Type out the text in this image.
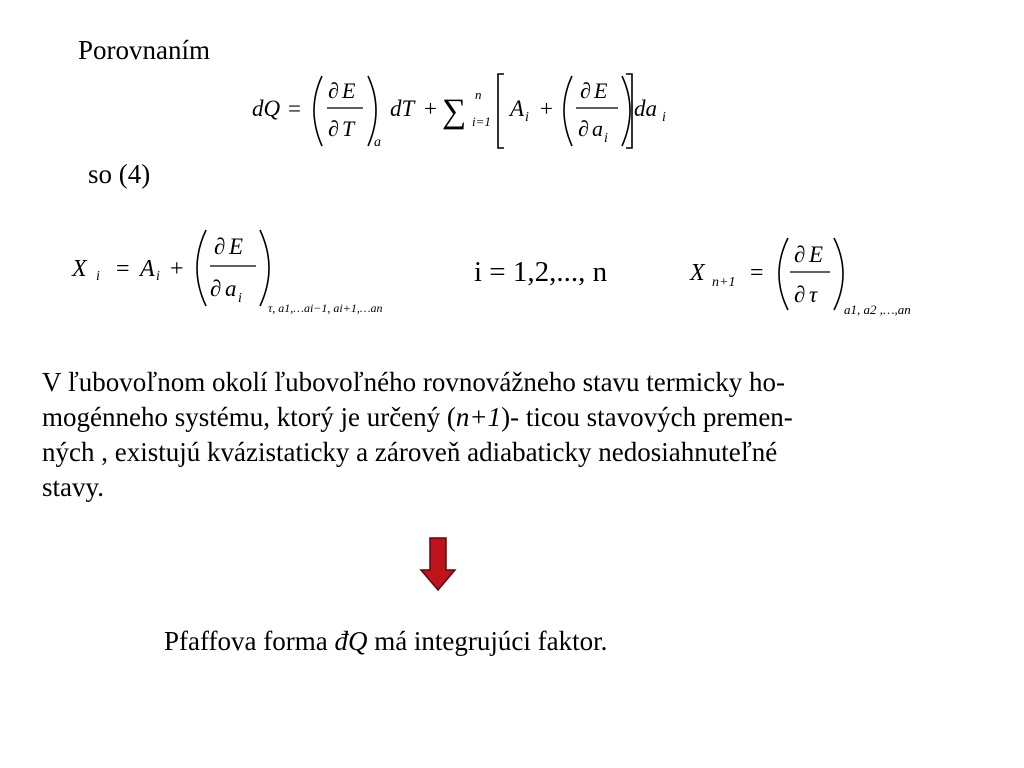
Porovnaním
dQ =
∂ E
∂ T
a
dT + ∑ n
i=1
A i +
∂ E
∂ a i
da i
so (4)
X i = A i +
∂ E
∂ a i
τ, a1,…ai−1, ai+1,…an
i = 1,2,..., n	X n+1 =
∂ E
∂ τ
a1, a2 ,…,an
V ľubovoľnom okolí ľubovoľného rovnovážneho stavu termicky ho-
mogénneho systému, ktorý je určený (n+1)- ticou stavových premen-
ných , existujú kvázistaticky a zároveň adiabaticky nedosiahnuteľné
stavy.
Pfaffova forma đQ má integrujúci faktor.
